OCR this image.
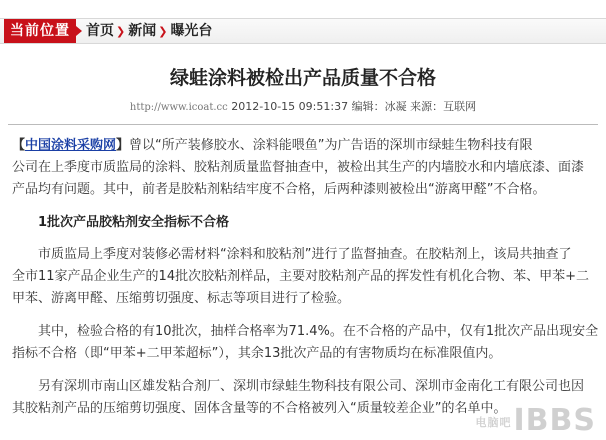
当前位置	首页 ❯ 新闻 ❯ 曝光台
绿蛙涂料被检出产品质量不合格
http://www.icoat.cc 2012-10-15 09:51:37 编辑：冰凝 来源：互联网
【中国涂料采购网】曾以“所产装修胶水、涂料能喂鱼”为广告语的深圳市绿蛙生物科技有限
公司在上季度市质监局的涂料、胶粘剂质量监督抽查中，被检出其生产的内墙胶水和内墙底漆、面漆
产品均有问题。其中，前者是胶粘剂粘结牢度不合格，后两种漆则被检出“游离甲醛”不合格。
1批次产品胶粘剂安全指标不合格
市质监局上季度对装修必需材料“涂料和胶粘剂”进行了监督抽查。在胶粘剂上，该局共抽查了
全市11家产品企业生产的14批次胶粘剂样品，主要对胶粘剂产品的挥发性有机化合物、苯、甲苯+二
甲苯、游离甲醛、压缩剪切强度、标志等项目进行了检验。
其中，检验合格的有10批次，抽样合格率为71.4%。在不合格的产品中，仅有1批次产品出现安全
指标不合格（即“甲苯+二甲苯超标”），其余13批次产品的有害物质均在标准限值内。
另有深圳市南山区雄发粘合剂厂、深圳市绿蛙生物科技有限公司、深圳市金南化工有限公司也因
其胶粘剂产品的压缩剪切强度、固体含量等的不合格被列入“质量较差企业”的名单中。
电脑吧IBBS
